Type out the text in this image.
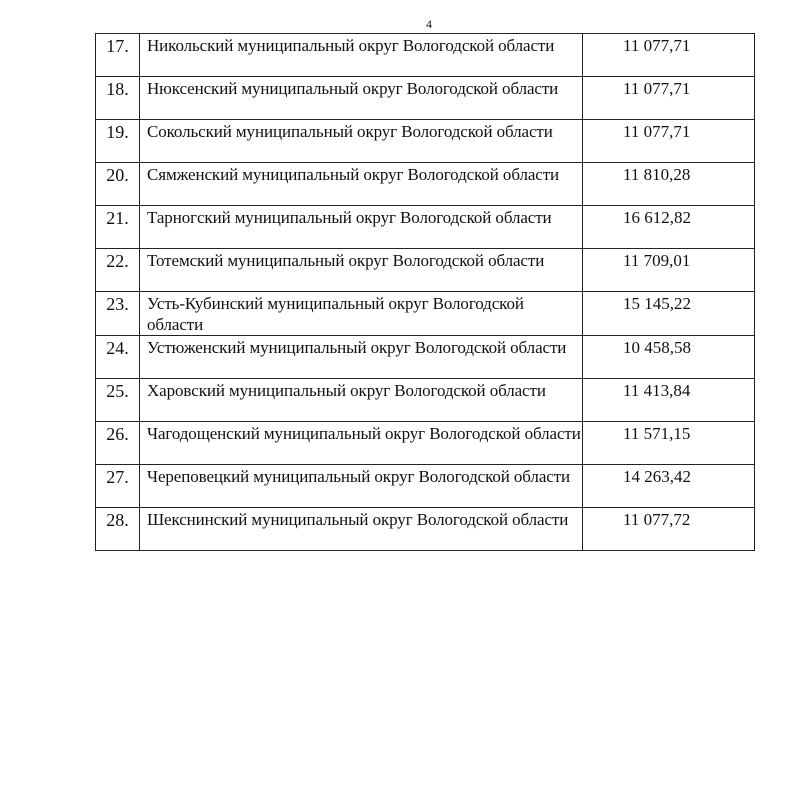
4
17.	Никольский муниципальный округ Вологодской области	11 077,71
18.	Нюксенский муниципальный округ Вологодской области	11 077,71
19.	Сокольский муниципальный округ Вологодской области	11 077,71
20.	Сямженский муниципальный округ Вологодской области	11 810,28
21.	Тарногский муниципальный округ Вологодской области	16 612,82
22.	Тотемский муниципальный округ Вологодской области	11 709,01
23.	Усть-Кубинский муниципальный округ Вологодской области	15 145,22
24.	Устюженский муниципальный округ Вологодской области	10 458,58
25.	Харовский муниципальный округ Вологодской области	11 413,84
26.	Чагодощенский муниципальный округ Вологодской области	11 571,15
27.	Череповецкий муниципальный округ Вологодской области	14 263,42
28.	Шекснинский муниципальный округ Вологодской области	11 077,72
